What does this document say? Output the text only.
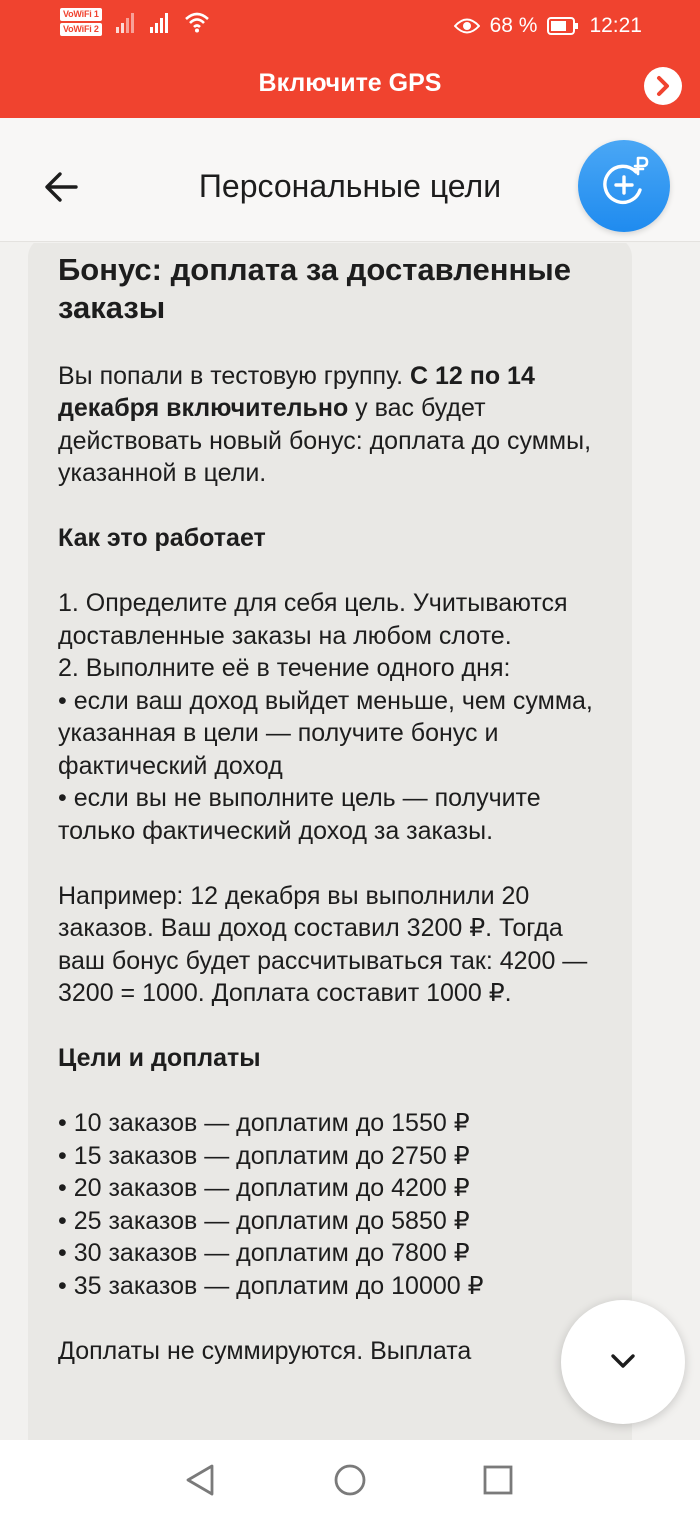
VoWiFi 1
VoWiFi 2	68 % 12:21
Включите GPS
Персональные цели
Бонус: доплата за доставленные заказы
Вы попали в тестовую группу. С 12 по 14 декабря включительно у вас будет действовать новый бонус: доплата до суммы, указанной в цели.
Как это работает
1. Определите для себя цель. Учитываются доставленные заказы на любом слоте.
2. Выполните её в течение одного дня:
• если ваш доход выйдет меньше, чем сумма, указанная в цели — получите бонус и фактический доход
• если вы не выполните цель — получите только фактический доход за заказы.
Например: 12 декабря вы выполнили 20 заказов. Ваш доход составил 3200 ₽. Тогда ваш бонус будет рассчитываться так: 4200 — 3200 = 1000. Доплата составит 1000 ₽.
Цели и доплаты
• 10 заказов — доплатим до 1550 ₽
• 15 заказов — доплатим до 2750 ₽
• 20 заказов — доплатим до 4200 ₽
• 25 заказов — доплатим до 5850 ₽
• 30 заказов — доплатим до 7800 ₽
• 35 заказов — доплатим до 10000 ₽
Доплаты не суммируются. Выплата
